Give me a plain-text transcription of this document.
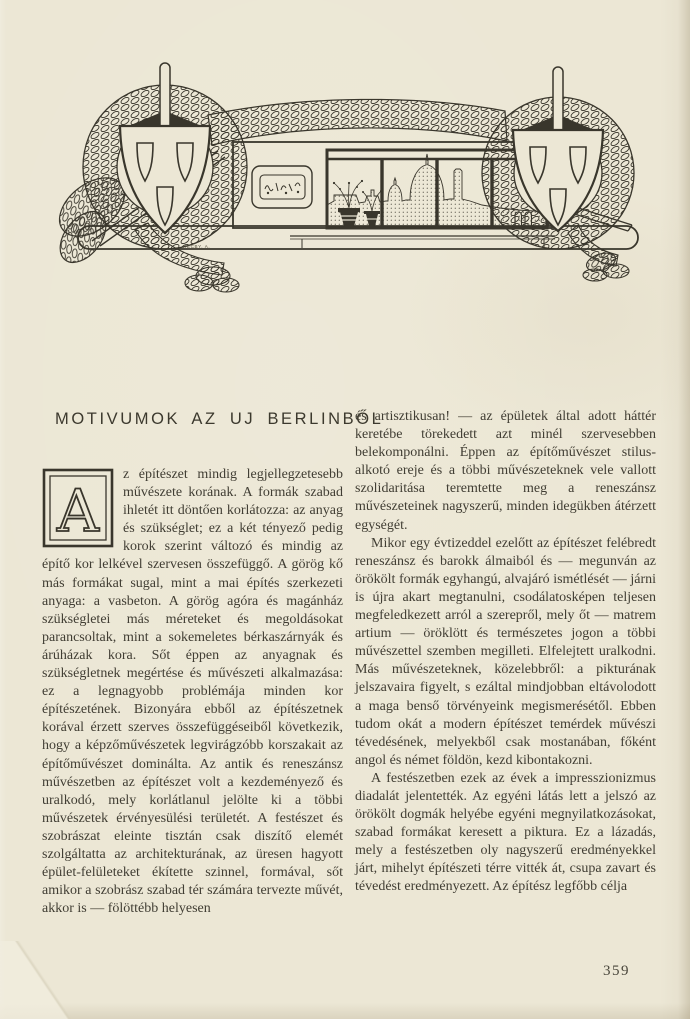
HECBY. A.
MOTIVUMOK AZ UJ BERLINBŐL

A
z építészet mindig legjellegzetesebb művészete korának. A formák szabad ihletét itt döntően korlátozza: az anyag és szükséglet; ez a két tényező pedig korok szerint változó és mindig az építő kor lelkével szervesen összefüggő. A görög kő más formákat sugal, mint a mai építés szerkezeti anyaga: a vasbeton. A görög agóra és magánház szükségletei más méreteket és megoldásokat parancsoltak, mint a sokemeletes bérkaszárnyák és árúházak kora. Sőt éppen az anyagnak és szükségletnek megértése és művészeti alkalmazása: ez a legnagyobb problémája minden kor építészetének. Bizonyára ebből az építészetnek korával érzett szerves összefüggéseiből következik, hogy a képzőművészetek legvirágzóbb korszakait az építőművészet dominálta. Az antik és reneszánsz művészetben az építészet volt a kezdeményező és uralkodó, mely korlátlanul jelölte ki a többi művészetek érvényesülési területét. A festészet és szobrászat eleinte tisztán csak diszítő elemét szolgáltatta az architekturának, az üresen hagyott épület-felületeket ékítette szinnel, formával, sőt amikor a szobrász szabad tér számára tervezte művét, akkor is — fölöttébb helyesen

és artisztikusan! — az épületek által adott háttér keretébe törekedett azt minél szervesebben belekomponálni. Éppen az építőművészet stilus-alkotó ereje és a többi művészeteknek vele vallott szolidaritása teremtette meg a reneszánsz művészeteinek nagyszerű, minden idegükben átérzett egységét.

Mikor egy évtizeddel ezelőtt az építészet felébredt reneszánsz és barokk álmaiból és — megunván az örökölt formák egyhangú, alvajáró ismétlését — járni is újra akart megtanulni, csodálatosképen teljesen megfeledkezett arról a szerepről, mely őt — matrem artium — öröklött és természetes jogon a többi művészettel szemben megilleti. Elfelejtett uralkodni. Más művészeteknek, közelebbről: a pikturának jelszavaira figyelt, s ezáltal mindjobban eltávolodott a maga benső törvényeink megismerésétől. Ebben tudom okát a modern építészet temérdek művészi tévedésének, melyekből csak mostanában, főként angol és német földön, kezd kibontakozni.

A festészetben ezek az évek a impresszionizmus diadalát jelentették. Az egyéni látás lett a jelszó az örökölt dogmák helyébe egyéni megnyilatkozásokat, szabad formákat keresett a piktura. Ez a lázadás, mely a festészetben oly nagyszerű eredményekkel járt, mihelyt építészeti térre vitték át, csupa zavart és tévedést eredményezett. Az építész legfőbb célja

359
